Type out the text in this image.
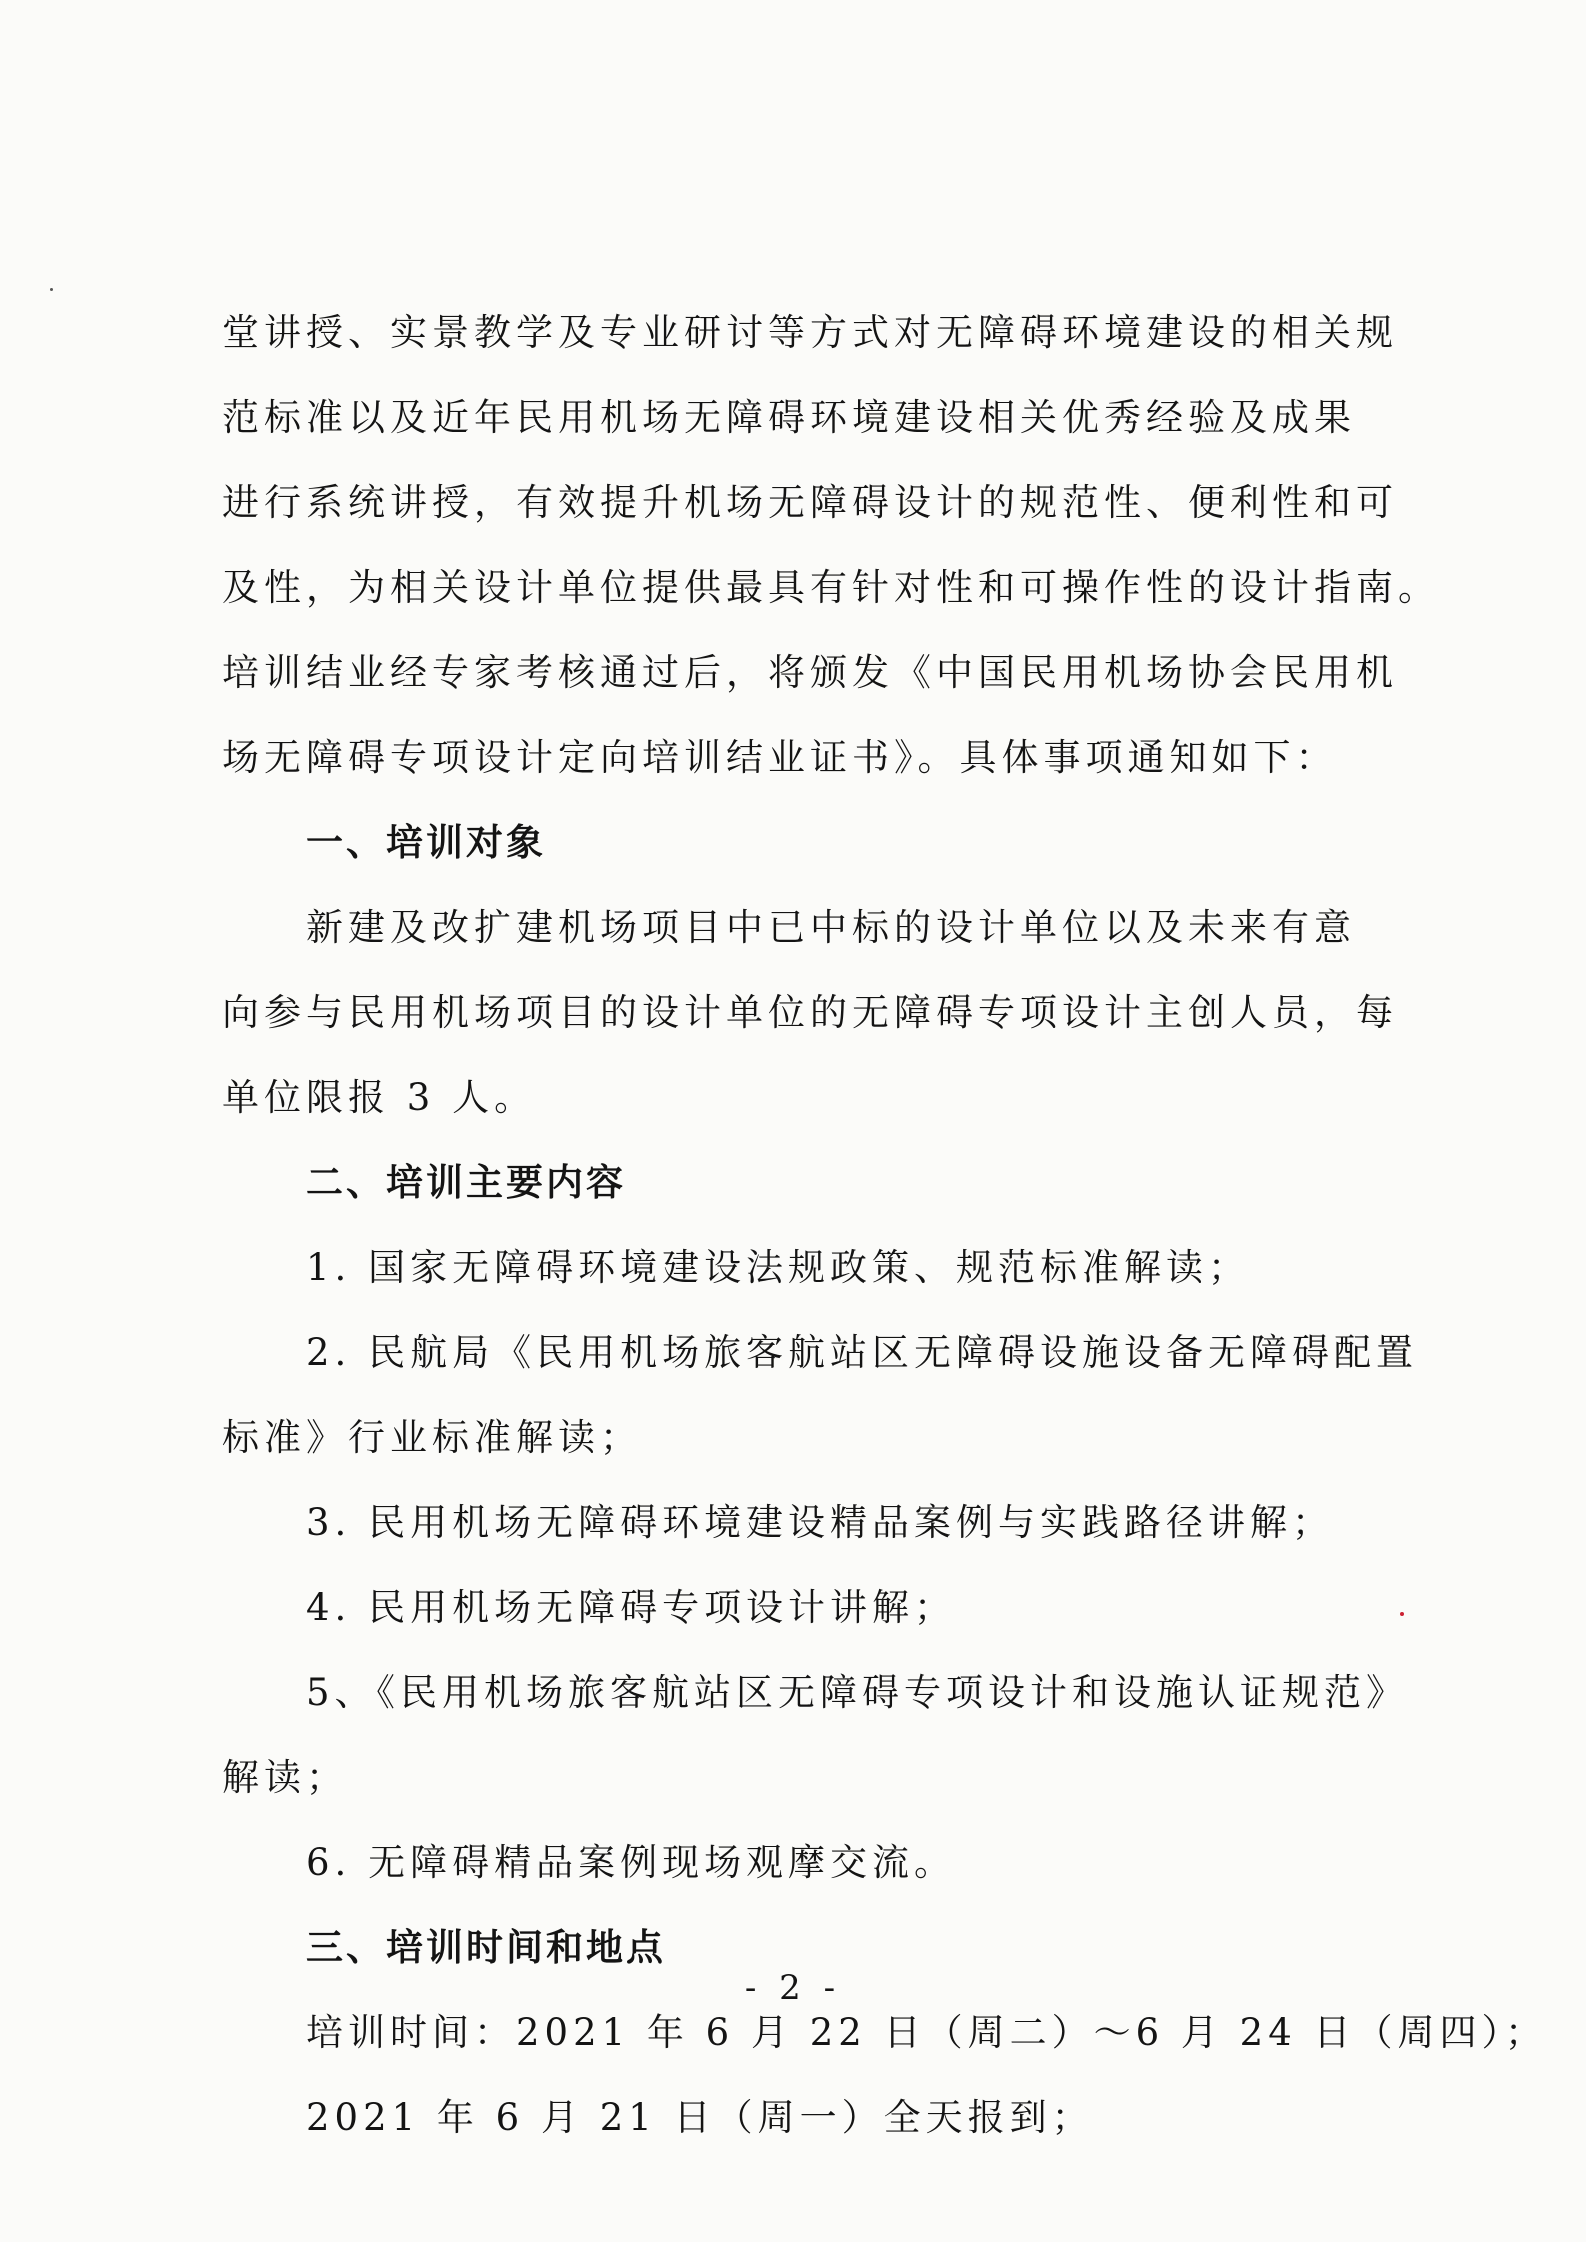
堂讲授、实景教学及专业研讨等方式对无障碍环境建设的相关规
范标准以及近年民用机场无障碍环境建设相关优秀经验及成果
进行系统讲授，有效提升机场无障碍设计的规范性、便利性和可
及性，为相关设计单位提供最具有针对性和可操作性的设计指南。
培训结业经专家考核通过后，将颁发《中国民用机场协会民用机
场无障碍专项设计定向培训结业证书》。具体事项通知如下：
一、培训对象
新建及改扩建机场项目中已中标的设计单位以及未来有意
向参与民用机场项目的设计单位的无障碍专项设计主创人员，每
单位限报 3 人。
二、培训主要内容
1. 国家无障碍环境建设法规政策、规范标准解读；
2. 民航局《民用机场旅客航站区无障碍设施设备无障碍配置
标准》行业标准解读；
3. 民用机场无障碍环境建设精品案例与实践路径讲解；
4. 民用机场无障碍专项设计讲解；
5、《民用机场旅客航站区无障碍专项设计和设施认证规范》
解读；
6. 无障碍精品案例现场观摩交流。
三、培训时间和地点
培训时间：2021 年 6 月 22 日（周二）～6 月 24 日（周四）；
2021 年 6 月 21 日（周一）全天报到；
- 2 -
